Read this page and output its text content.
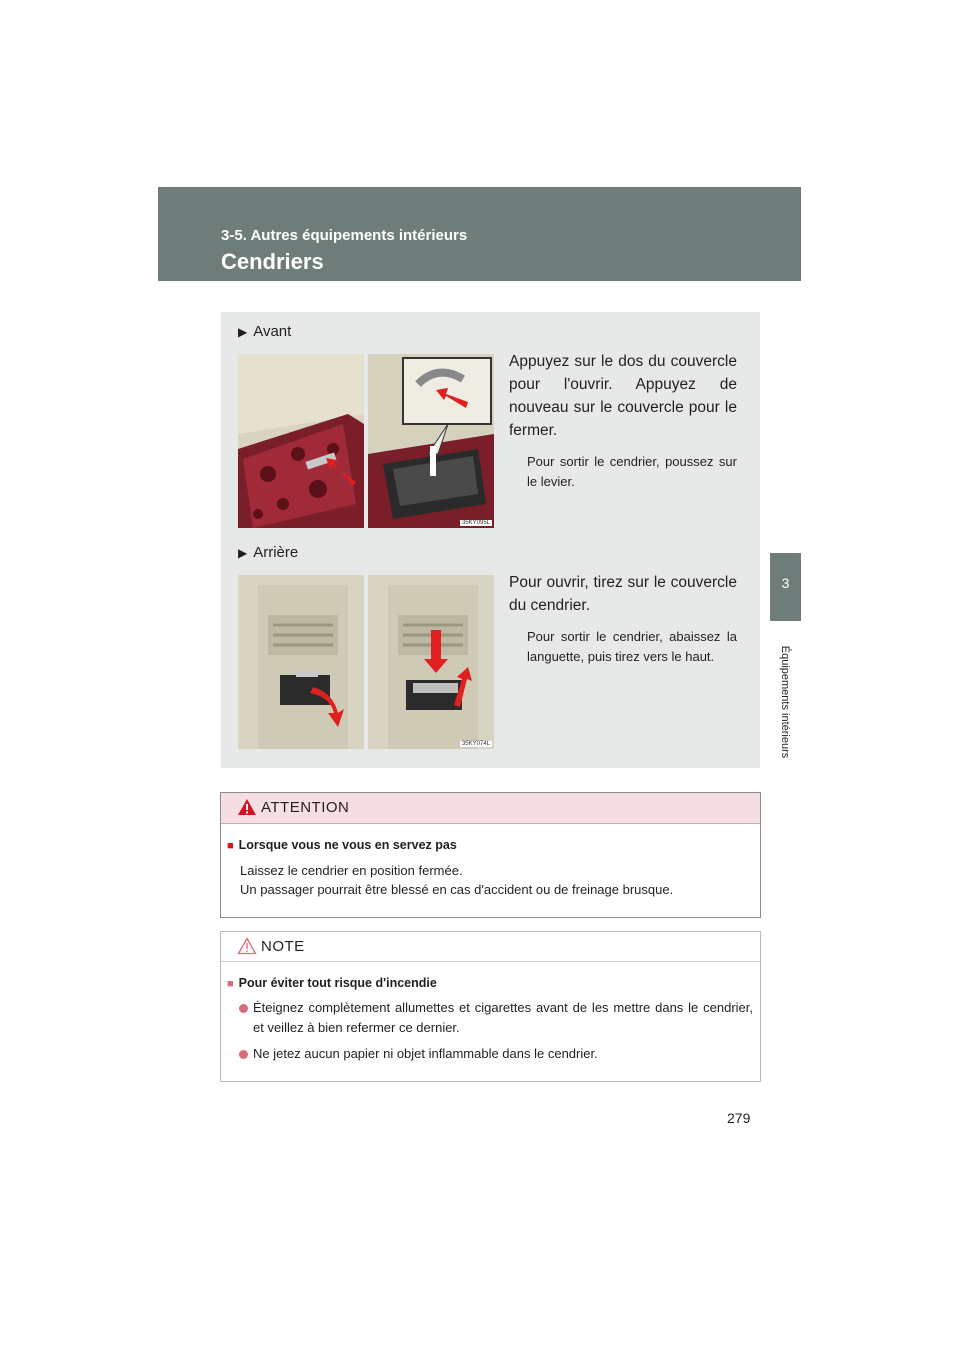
3-5. Autres équipements intérieurs
Cendriers
3
Équipements intérieurs
▶ Avant
35KY095L
Appuyez sur le dos du couvercle pour l'ouvrir. Appuyez de nouveau sur le couvercle pour le fermer.
Pour sortir le cendrier, poussez sur le levier.
▶ Arrière
35KY074L
Pour ouvrir, tirez sur le couvercle du cendrier.
Pour sortir le cendrier, abaissez la languette, puis tirez vers le haut.
ATTENTION
■ Lorsque vous ne vous en servez pas
Laissez le cendrier en position fermée.
Un passager pourrait être blessé en cas d'accident ou de freinage brusque.
NOTE
■ Pour éviter tout risque d'incendie
Éteignez complètement allumettes et cigarettes avant de les mettre dans le cendrier, et veillez à bien refermer ce dernier.
Ne jetez aucun papier ni objet inflammable dans le cendrier.
279
